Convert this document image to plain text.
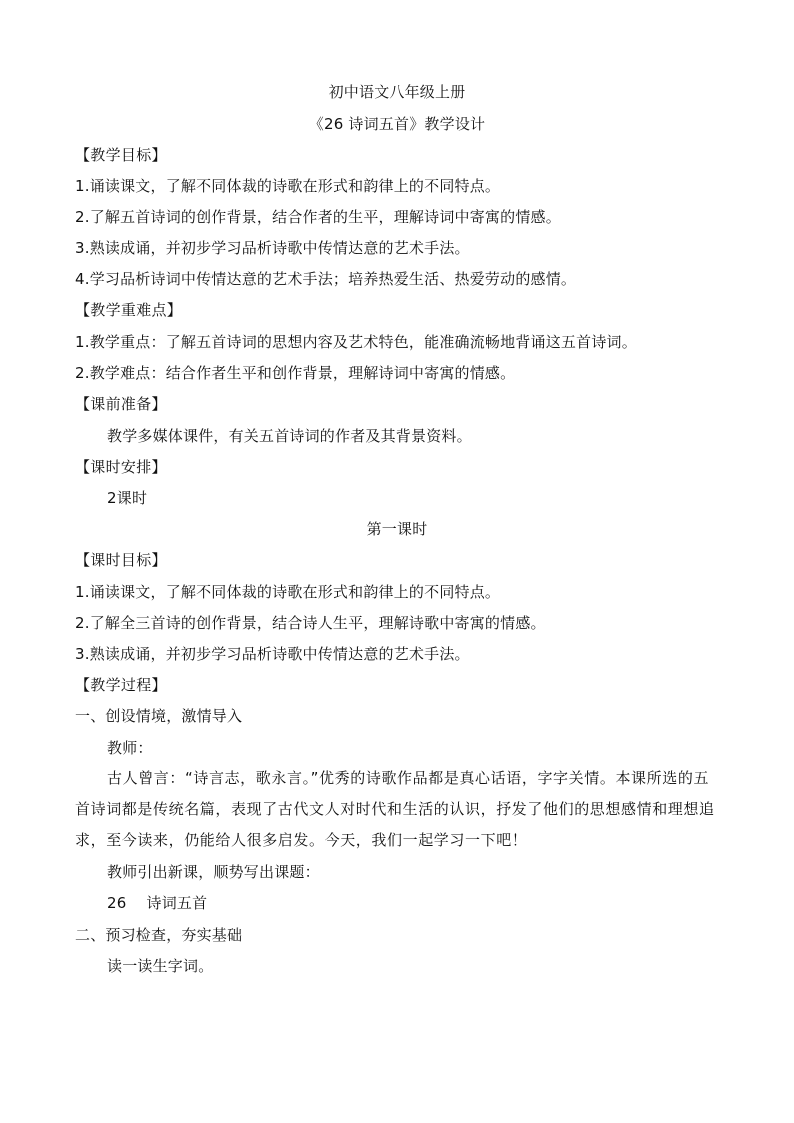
初中语文八年级上册
《26 诗词五首》教学设计
【教学目标】
1.诵读课文，了解不同体裁的诗歌在形式和韵律上的不同特点。
2.了解五首诗词的创作背景，结合作者的生平，理解诗词中寄寓的情感。
3.熟读成诵，并初步学习品析诗歌中传情达意的艺术手法。
4.学习品析诗词中传情达意的艺术手法；培养热爱生活、热爱劳动的感情。
【教学重难点】
1.教学重点：了解五首诗词的思想内容及艺术特色，能准确流畅地背诵这五首诗词。
2.教学难点：结合作者生平和创作背景，理解诗词中寄寓的情感。
【课前准备】
教学多媒体课件，有关五首诗词的作者及其背景资料。
【课时安排】
2课时
第一课时
【课时目标】
1.诵读课文，了解不同体裁的诗歌在形式和韵律上的不同特点。
2.了解全三首诗的创作背景，结合诗人生平，理解诗歌中寄寓的情感。
3.熟读成诵，并初步学习品析诗歌中传情达意的艺术手法。
【教学过程】
一、创设情境，激情导入
教师：
古人曾言：“诗言志，歌永言。”优秀的诗歌作品都是真心话语，字字关情。本课所选的五首诗词都是传统名篇，表现了古代文人对时代和生活的认识，抒发了他们的思想感情和理想追求，至今读来，仍能给人很多启发。今天，我们一起学习一下吧！
教师引出新课，顺势写出课题：
26 诗词五首
二、预习检查，夯实基础
读一读生字词。
